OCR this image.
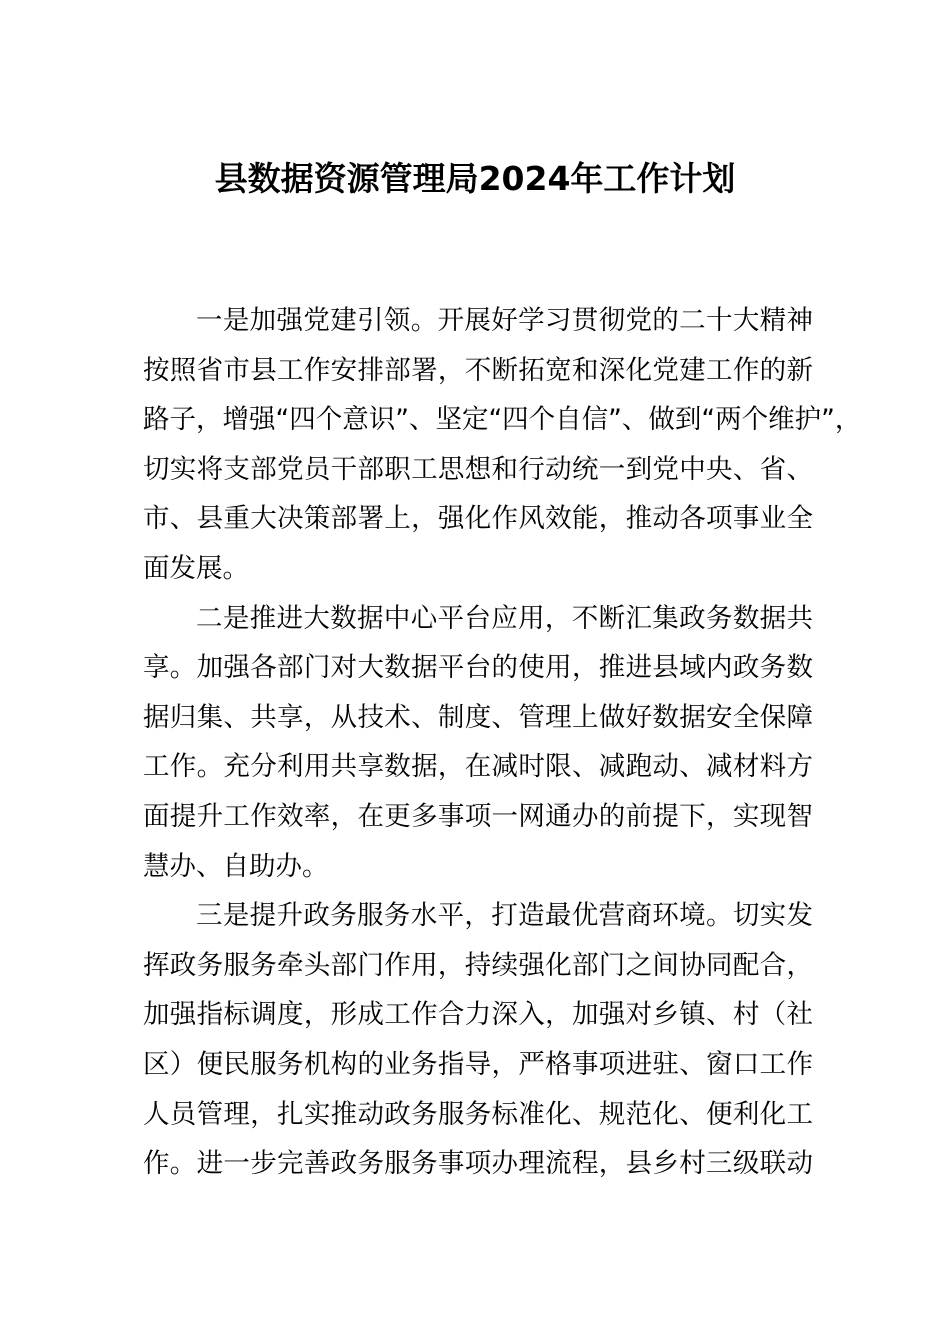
县数据资源管理局2024年工作计划

一是加强党建引领。开展好学习贯彻党的二十大精神
按照省市县工作安排部署，不断拓宽和深化党建工作的新
路子，增强“四个意识”、坚定“四个自信”、做到“两个维护”，
切实将支部党员干部职工思想和行动统一到党中央、省、
市、县重大决策部署上，强化作风效能，推动各项事业全
面发展。

二是推进大数据中心平台应用，不断汇集政务数据共
享。加强各部门对大数据平台的使用，推进县域内政务数
据归集、共享，从技术、制度、管理上做好数据安全保障
工作。充分利用共享数据，在减时限、减跑动、减材料方
面提升工作效率，在更多事项一网通办的前提下，实现智
慧办、自助办。

三是提升政务服务水平，打造最优营商环境。切实发
挥政务服务牵头部门作用，持续强化部门之间协同配合，
加强指标调度，形成工作合力深入，加强对乡镇、村（社
区）便民服务机构的业务指导，严格事项进驻、窗口工作
人员管理，扎实推动政务服务标准化、规范化、便利化工
作。进一步完善政务服务事项办理流程，县乡村三级联动
